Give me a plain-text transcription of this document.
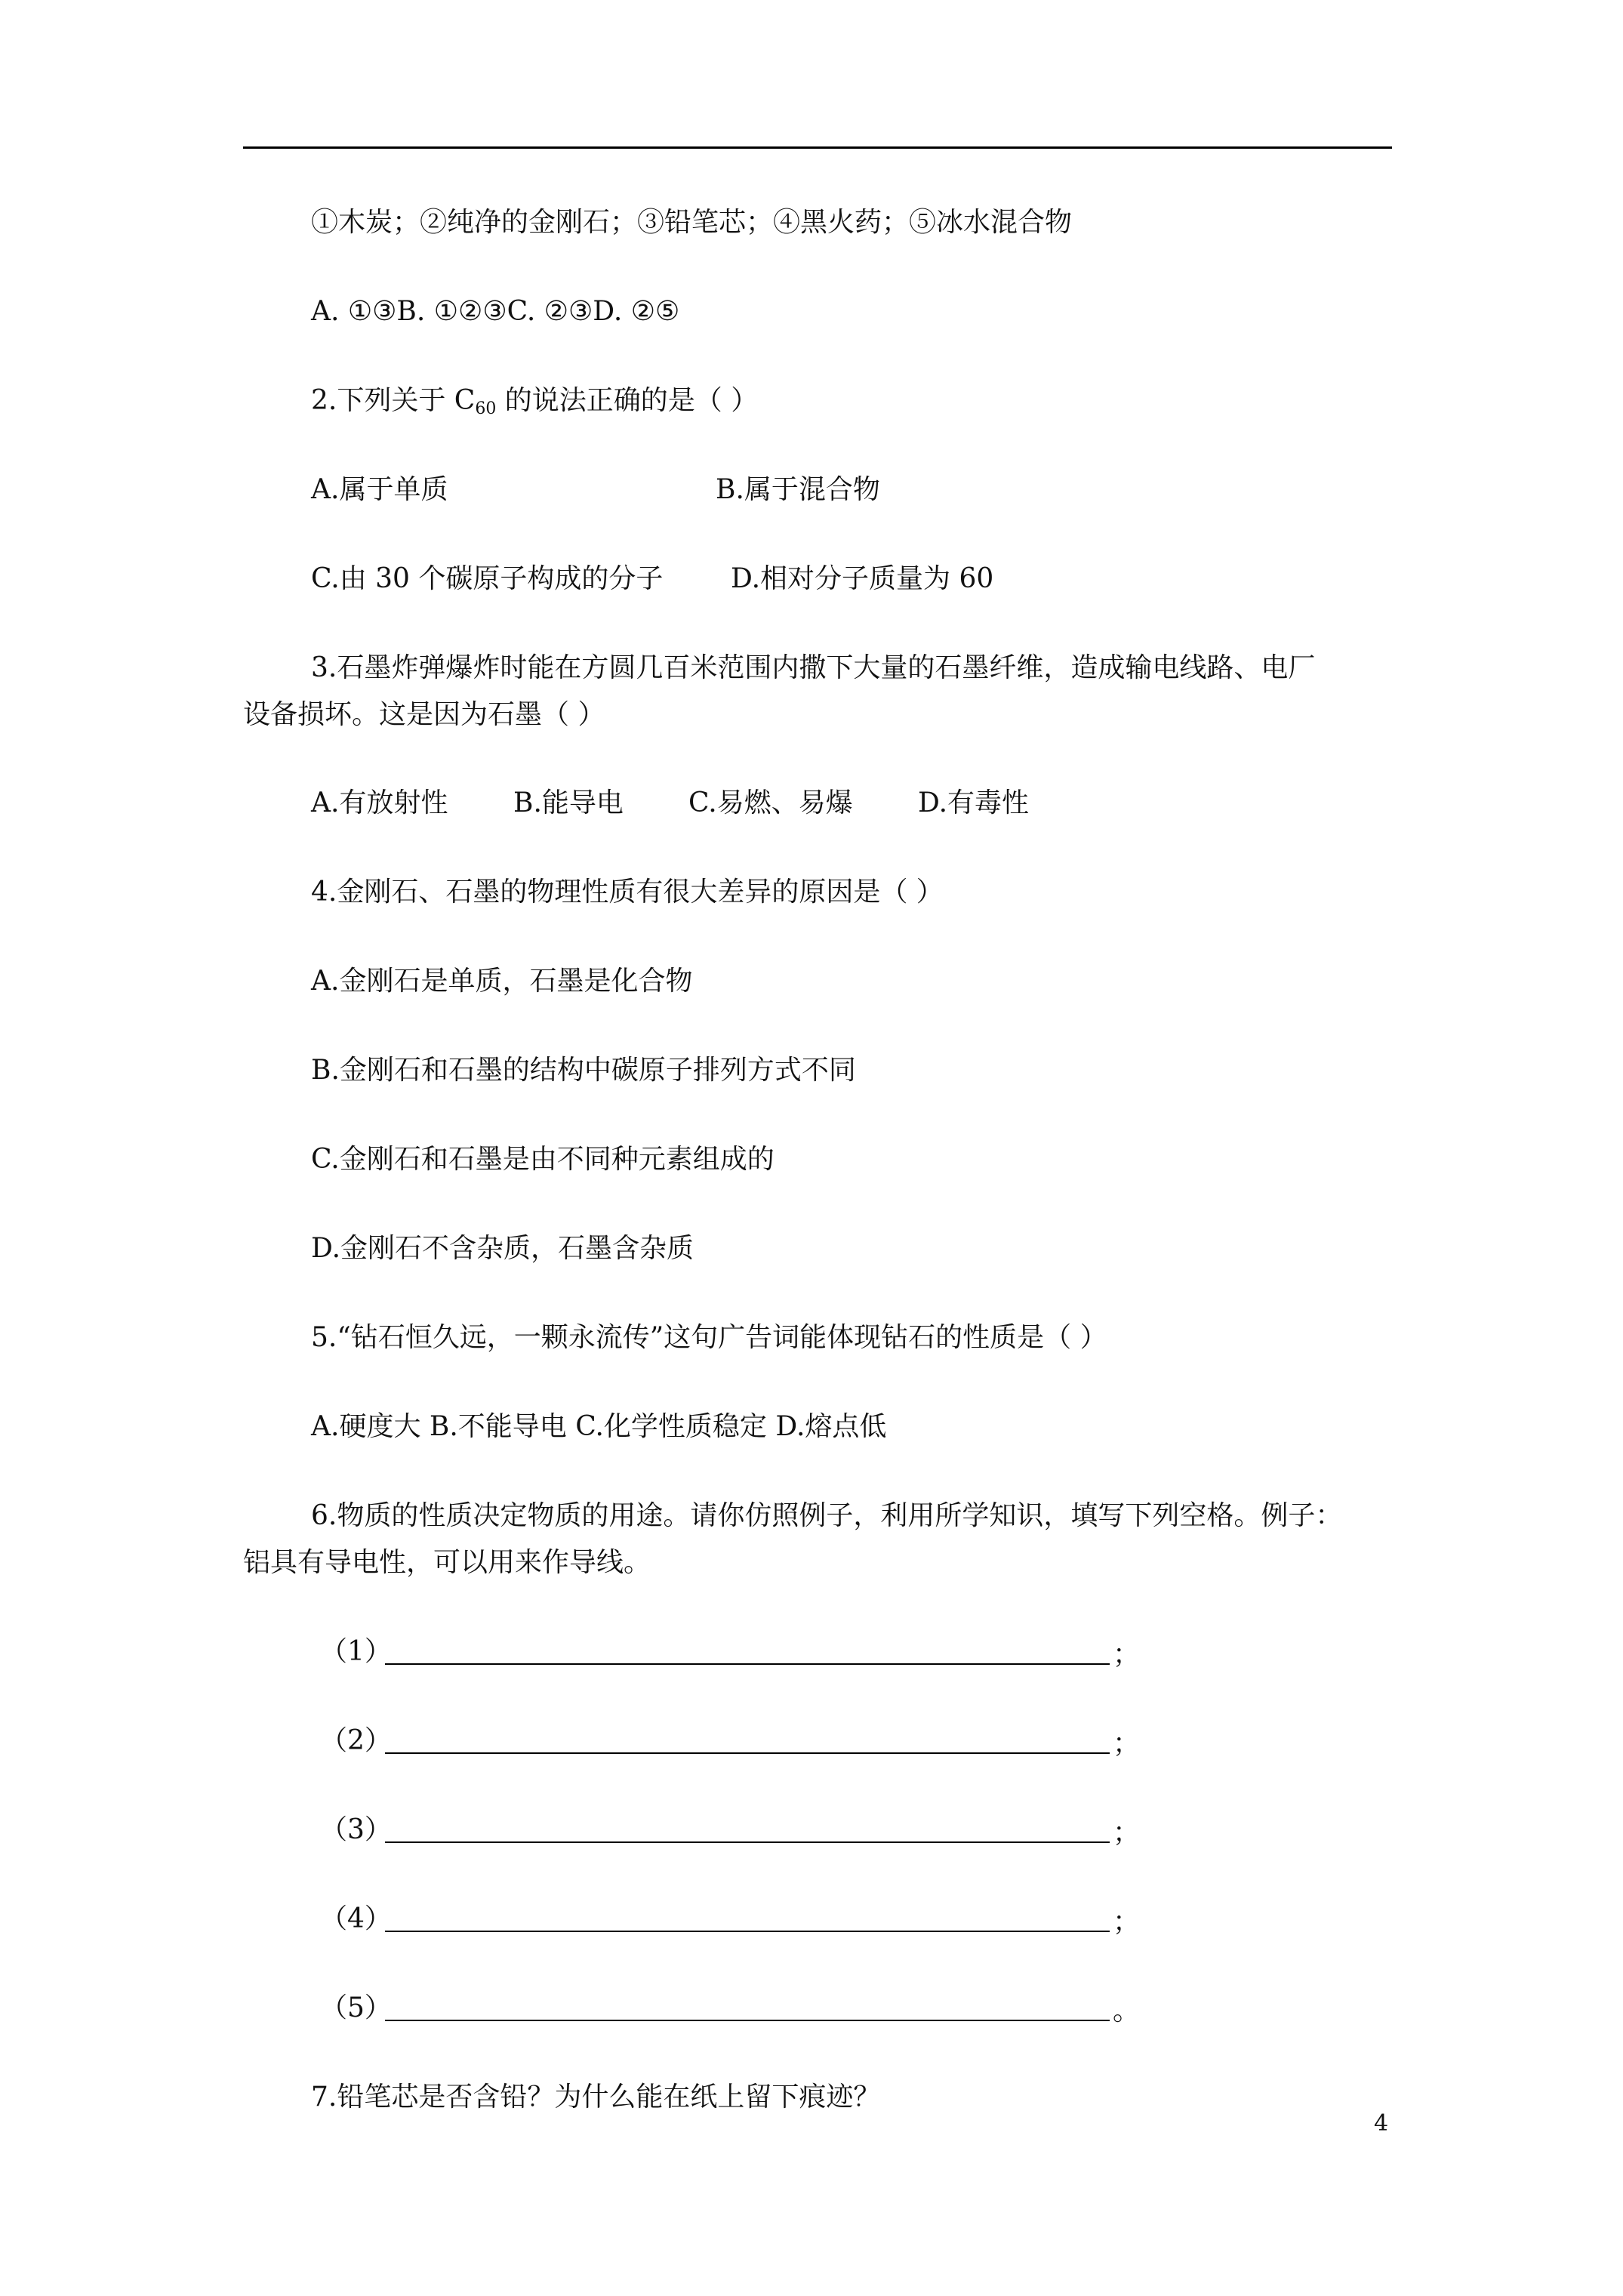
①木炭；②纯净的金刚石；③铅笔芯；④黑火药；⑤冰水混合物
A. ①③B. ①②③C. ②③D. ②⑤
2.下列关于 $C_{60}$ 的说法正确的是（ ）
A.属于单质	B.属于混合物
C.由 30 个碳原子构成的分子 D.相对分子质量为 60
3.石墨炸弹爆炸时能在方圆几百米范围内撒下大量的石墨纤维，造成输电线路、电厂
设备损坏。这是因为石墨（ ）
A.有放射性 B.能导电 C.易燃、易爆 D.有毒性
4.金刚石、石墨的物理性质有很大差异的原因是（ ）
A.金刚石是单质，石墨是化合物
B.金刚石和石墨的结构中碳原子排列方式不同
C.金刚石和石墨是由不同种元素组成的
D.金刚石不含杂质，石墨含杂质
5.“钻石恒久远，一颗永流传”这句广告词能体现钻石的性质是（ ）
A.硬度大 B.不能导电 C.化学性质稳定 D.熔点低
6.物质的性质决定物质的用途。请你仿照例子，利用所学知识，填写下列空格。例子：
铝具有导电性，可以用来作导线。
（1）	；
（2）	；
（3）	；
（4）	；
（5）	。
7.铅笔芯是否含铅？为什么能在纸上留下痕迹？
4
